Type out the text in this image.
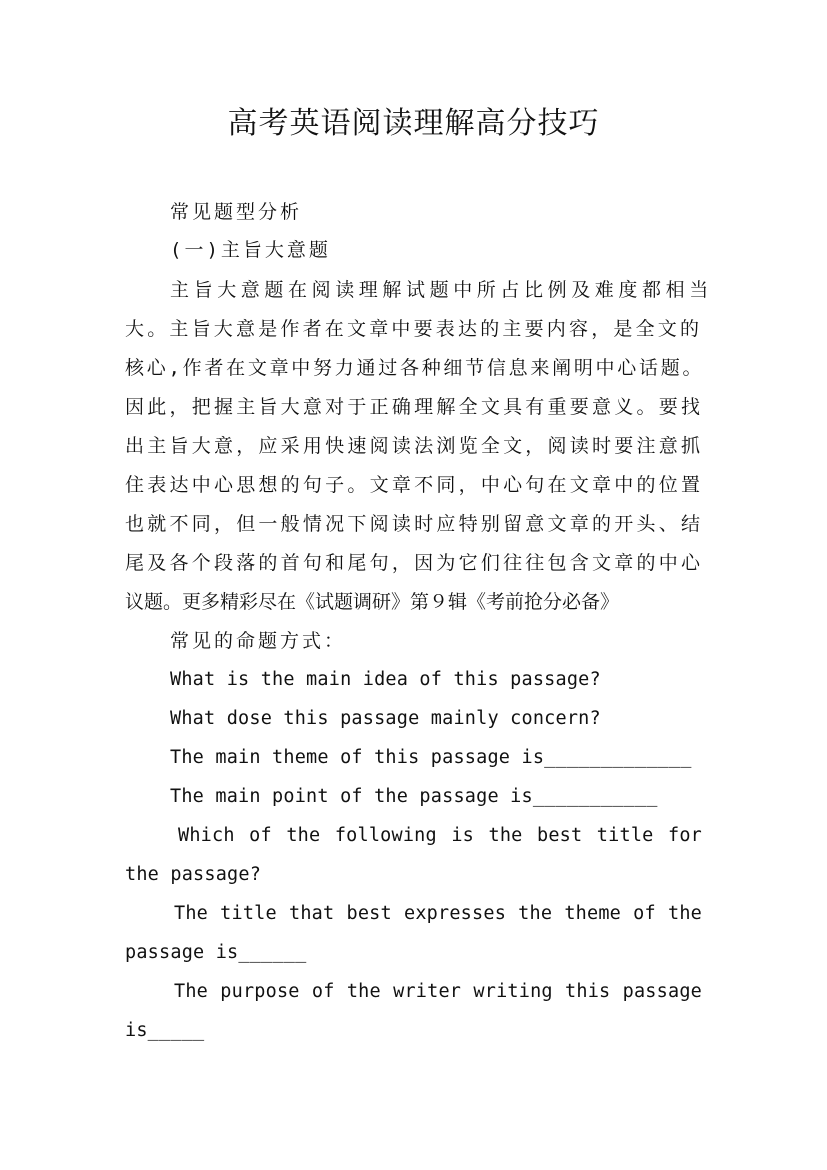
高考英语阅读理解高分技巧
常见题型分析
(一)主旨大意题
主旨大意题在阅读理解试题中所占比例及难度都相当
大。主旨大意是作者在文章中要表达的主要内容，是全文的
核心,作者在文章中努力通过各种细节信息来阐明中心话题。
因此，把握主旨大意对于正确理解全文具有重要意义。要找
出主旨大意，应采用快速阅读法浏览全文，阅读时要注意抓
住表达中心思想的句子。文章不同，中心句在文章中的位置
也就不同，但一般情况下阅读时应特别留意文章的开头、结
尾及各个段落的首句和尾句，因为它们往往包含文章的中心
议题。更多精彩尽在《试题调研》第９辑《考前抢分必备》
常见的命题方式：
What is the main idea of this passage?
What dose this passage mainly concern?
The main theme of this passage is_____________
The main point of the passage is___________
Which of the following is the best title for
the passage?
The title that best expresses the theme of the
passage is______
The purpose of the writer writing this passage
is_____
